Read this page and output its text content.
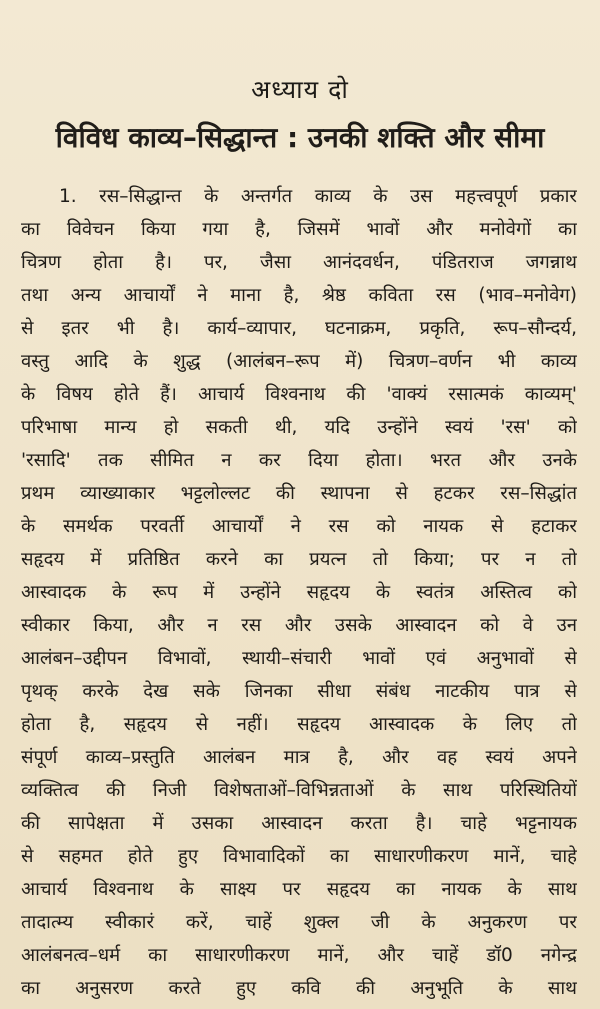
अध्याय दो
विविध काव्य–सिद्धान्त : उनकी शक्ति और सीमा
1. रस–सिद्धान्त के अन्तर्गत काव्य के उस महत्त्वपूर्ण प्रकार
का विवेचन किया गया है, जिसमें भावों और मनोवेगों का
चित्रण होता है। पर, जैसा आनंदवर्धन, पंडितराज जगन्नाथ
तथा अन्य आचार्यों ने माना है, श्रेष्ठ कविता रस (भाव–मनोवेग)
से इतर भी है। कार्य–व्यापार, घटनाक्रम, प्रकृति, रूप–सौन्दर्य,
वस्तु आदि के शुद्ध (आलंबन–रूप में) चित्रण–वर्णन भी काव्य
के विषय होते हैं। आचार्य विश्वनाथ की 'वाक्यं रसात्मकं काव्यम्'
परिभाषा मान्य हो सकती थी, यदि उन्होंने स्वयं 'रस' को
'रसादि' तक सीमित न कर दिया होता। भरत और उनके
प्रथम व्याख्याकार भट्टलोल्लट की स्थापना से हटकर रस–सिद्धांत
के समर्थक परवर्ती आचार्यों ने रस को नायक से हटाकर
सहृदय में प्रतिष्ठित करने का प्रयत्न तो किया; पर न तो
आस्वादक के रूप में उन्होंने सहृदय के स्वतंत्र अस्तित्व को
स्वीकार किया, और न रस और उसके आस्वादन को वे उन
आलंबन–उद्दीपन विभावों, स्थायी–संचारी भावों एवं अनुभावों से
पृथक् करके देख सके जिनका सीधा संबंध नाटकीय पात्र से
होता है, सहृदय से नहीं। सहृदय आस्वादक के लिए तो
संपूर्ण काव्य–प्रस्तुति आलंबन मात्र है, और वह स्वयं अपने
व्यक्तित्व की निजी विशेषताओं–विभिन्नताओं के साथ परिस्थितियों
की सापेक्षता में उसका आस्वादन करता है। चाहे भट्टनायक
से सहमत होते हुए विभावादिकों का साधारणीकरण मानें, चाहे
आचार्य विश्वनाथ के साक्ष्य पर सहृदय का नायक के साथ
तादात्म्य स्वीकारं करें, चाहें शुक्ल जी के अनुकरण पर
आलंबनत्व–धर्म का साधारणीकरण मानें, और चाहें डॉ0 नगेन्द्र
का अनुसरण करते हुए कवि की अनुभूति के साथ
